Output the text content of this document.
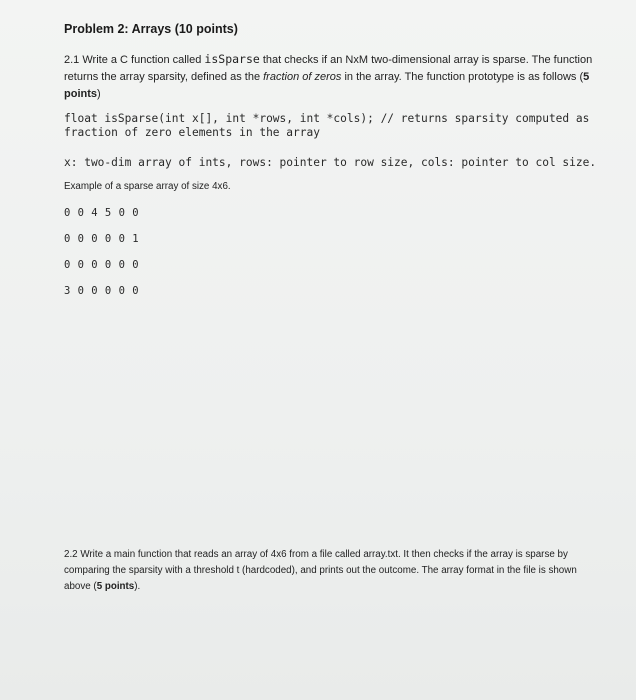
Problem 2: Arrays (10 points)
2.1 Write a C function called isSparse that checks if an NxM two-dimensional array is sparse. The function returns the array sparsity, defined as the fraction of zeros in the array. The function prototype is as follows (5 points)
float isSparse(int x[], int *rows, int *cols); // returns sparsity computed as fraction of zero elements in the array
x: two-dim array of ints, rows: pointer to row size, cols: pointer to col size.
Example of a sparse array of size 4x6.
0 0 4 5 0 0
0 0 0 0 0 1
0 0 0 0 0 0
3 0 0 0 0 0
2.2 Write a main function that reads an array of 4x6 from a file called array.txt. It then checks if the array is sparse by comparing the sparsity with a threshold t (hardcoded), and prints out the outcome. The array format in the file is shown above (5 points).
